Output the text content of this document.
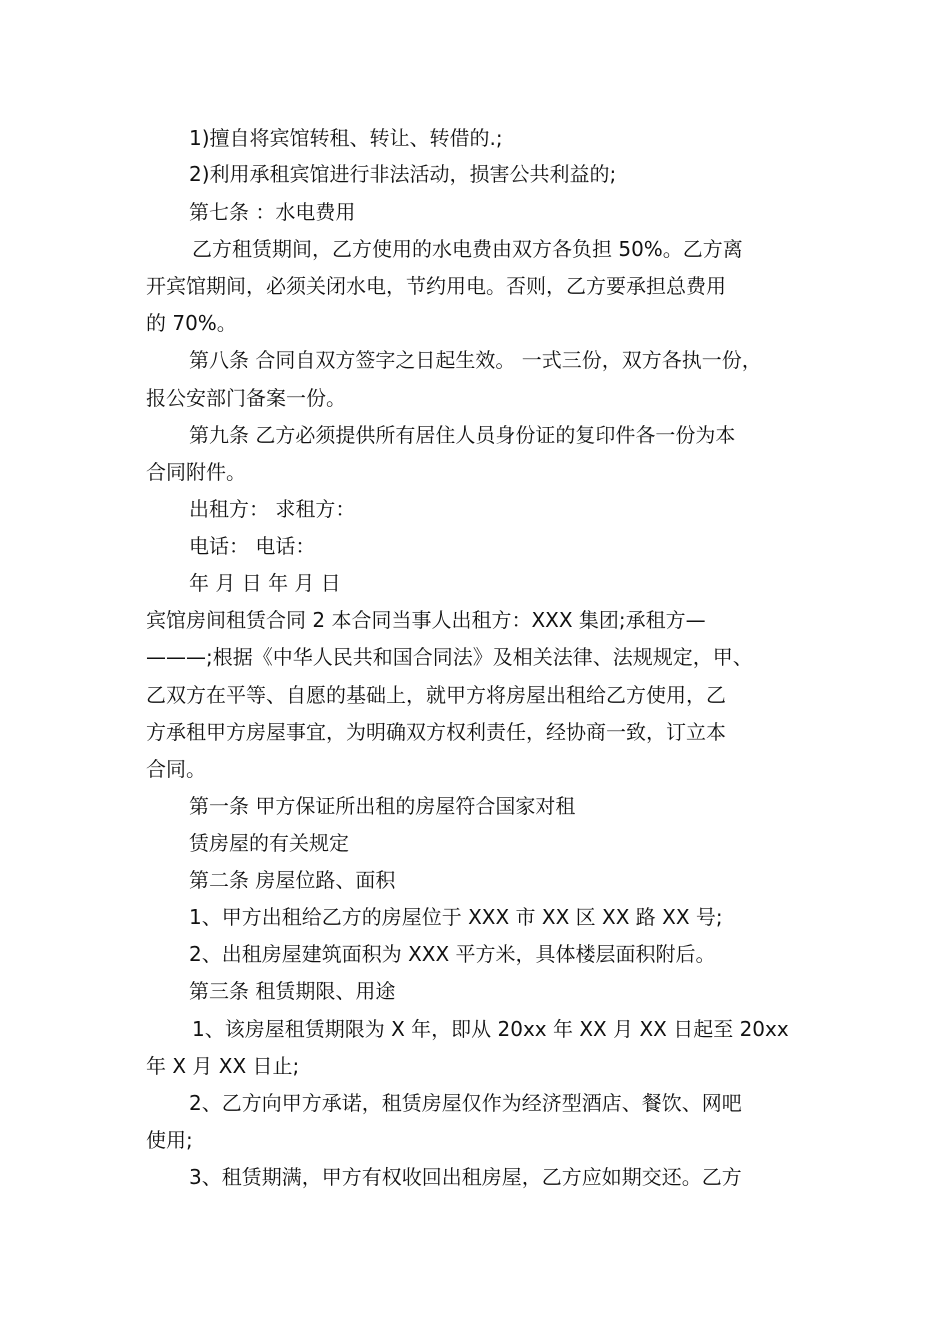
1)擅自将宾馆转租、转让、转借的.;
2)利用承租宾馆进行非法活动，损害公共利益的;
第七条 ：水电费用
乙方租赁期间，乙方使用的水电费由双方各负担 50%。乙方离
开宾馆期间，必须关闭水电，节约用电。否则，乙方要承担总费用
的 70%。
第八条 合同自双方签字之日起生效。 一式三份，双方各执一份，
报公安部门备案一份。
第九条 乙方必须提供所有居住人员身份证的复印件各一份为本
合同附件。
出租方： 求租方：
电话： 电话：
年 月 日 年 月 日
宾馆房间租赁合同 2 本合同当事人出租方：XXX 集团;承租方—
———;根据《中华人民共和国合同法》及相关法律、法规规定，甲、
乙双方在平等、自愿的基础上，就甲方将房屋出租给乙方使用，乙
方承租甲方房屋事宜，为明确双方权利责任，经协商一致，订立本
合同。
第一条 甲方保证所出租的房屋符合国家对租
赁房屋的有关规定
第二条 房屋位路、面积
1、甲方出租给乙方的房屋位于 XXX 市 XX 区 XX 路 XX 号;
2、出租房屋建筑面积为 XXX 平方米，具体楼层面积附后。
第三条 租赁期限、用途
1、该房屋租赁期限为 X 年，即从 20xx 年 XX 月 XX 日起至 20xx
年 X 月 XX 日止;
2、乙方向甲方承诺，租赁房屋仅作为经济型酒店、餐饮、网吧
使用;
3、租赁期满，甲方有权收回出租房屋，乙方应如期交还。乙方
